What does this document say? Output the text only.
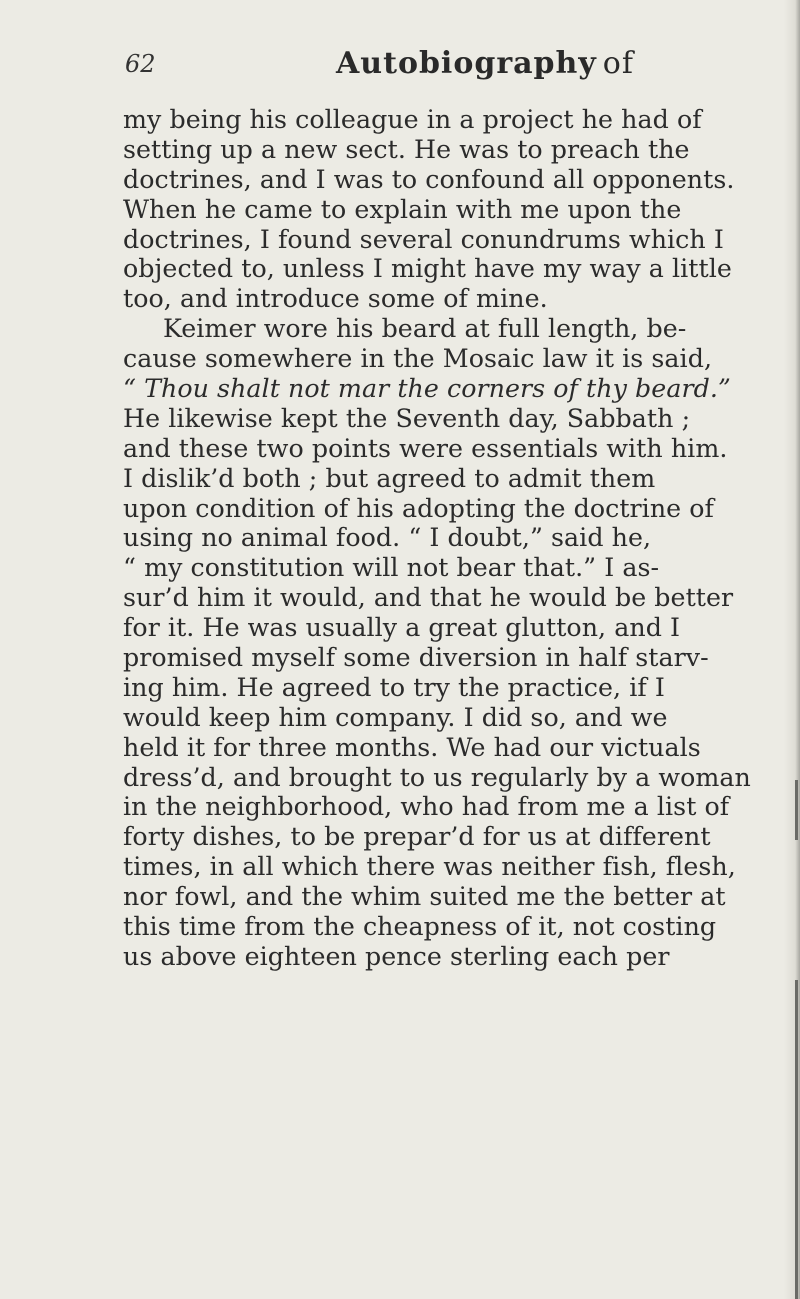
62	Autobiography of
my being his colleague in a project he had of
setting up a new sect. He was to preach the
doctrines, and I was to confound all opponents.
When he came to explain with me upon the
doctrines, I found several conundrums which I
objected to, unless I might have my way a little
too, and introduce some of mine.
Keimer wore his beard at full length, be-
cause somewhere in the Mosaic law it is said,
“ Thou shalt not mar the corners of thy beard.”
He likewise kept the Seventh day, Sabbath ;
and these two points were essentials with him.
I dislik’d both ; but agreed to admit them
upon condition of his adopting the doctrine of
using no animal food. “ I doubt,” said he,
“ my constitution will not bear that.” I as-
sur’d him it would, and that he would be better
for it. He was usually a great glutton, and I
promised myself some diversion in half starv-
ing him. He agreed to try the practice, if I
would keep him company. I did so, and we
held it for three months. We had our victuals
dress’d, and brought to us regularly by a woman
in the neighborhood, who had from me a list of
forty dishes, to be prepar’d for us at different
times, in all which there was neither fish, flesh,
nor fowl, and the whim suited me the better at
this time from the cheapness of it, not costing
us above eighteen pence sterling each per
